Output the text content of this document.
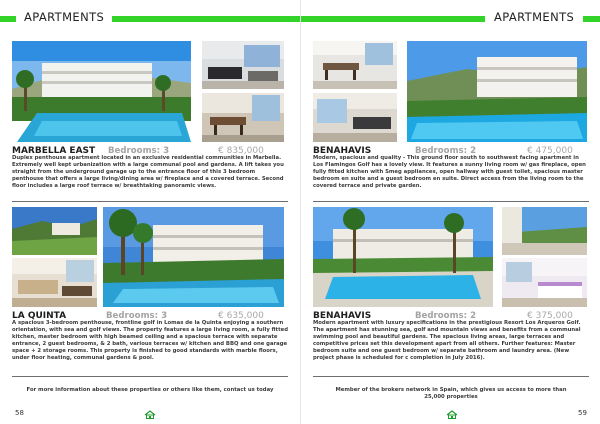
APARTMENTS
MARBELLA EAST Bedrooms: 3	€ 835,000
Duplex penthouse apartment located in an exclusive residential communities in Marbella. Extremely well kept urbanization with a large communal pool and gardens. A lift takes you straight from the underground garage up to the entrance floor of this 3 bedroom penthouse that offers a large living/dining area w/ fireplace and a covered terrace. Second floor includes a large roof terrace w/ breathtaking panoramic views.
LA QUINTA	Bedrooms: 3	€ 635,000
A spacious 3-bedroom penthouse, frontline golf in Lomas de la Quinta enjoying a southern orientation, with sea and golf views. The property features a large living room, a fully fitted kitchen, master bedroom with high beamed ceiling and a spacious terrace with separate entrance, 2 guest bedrooms, & 2 bath, various terraces w/ kitchen and BBQ and one garage space + 2 storage rooms. This property is finished to good standards with marble floors, under floor heating, communal gardens & pool.
For more information about these properties or others like them, contact us today
58
APARTMENTS
BENAHAVIS	Bedrooms: 2	€ 475,000
Modern, spacious and quality - This ground floor south to southwest facing apartment in Los Flamingos Golf has a lovely view. It features a sunny living room w/ gas fireplace, open fully fitted kitchen with Smeg appliances, open hallway with guest toilet, spacious master bedroom en suite and a guest bedroom en suite. Direct access from the living room to the covered terrace and private garden.
BENAHAVIS	Bedrooms: 2	€ 375,000
Modern apartment with luxury specifications in the prestigious Resort Los Arqueros Golf. The apartment has stunning sea, golf and mountain views and benefits from a communal swimming pool and beautiful gardens. The spacious living areas, large terraces and competitive prices set this development apart from all others. Further features: Master bedroom suite and one guest bedroom w/ separate bathroom and laundry area. (New project phase is scheduled for c completion in July 2016).
Member of the brokers network in Spain, which gives us access to more than 25,000 properties
59
